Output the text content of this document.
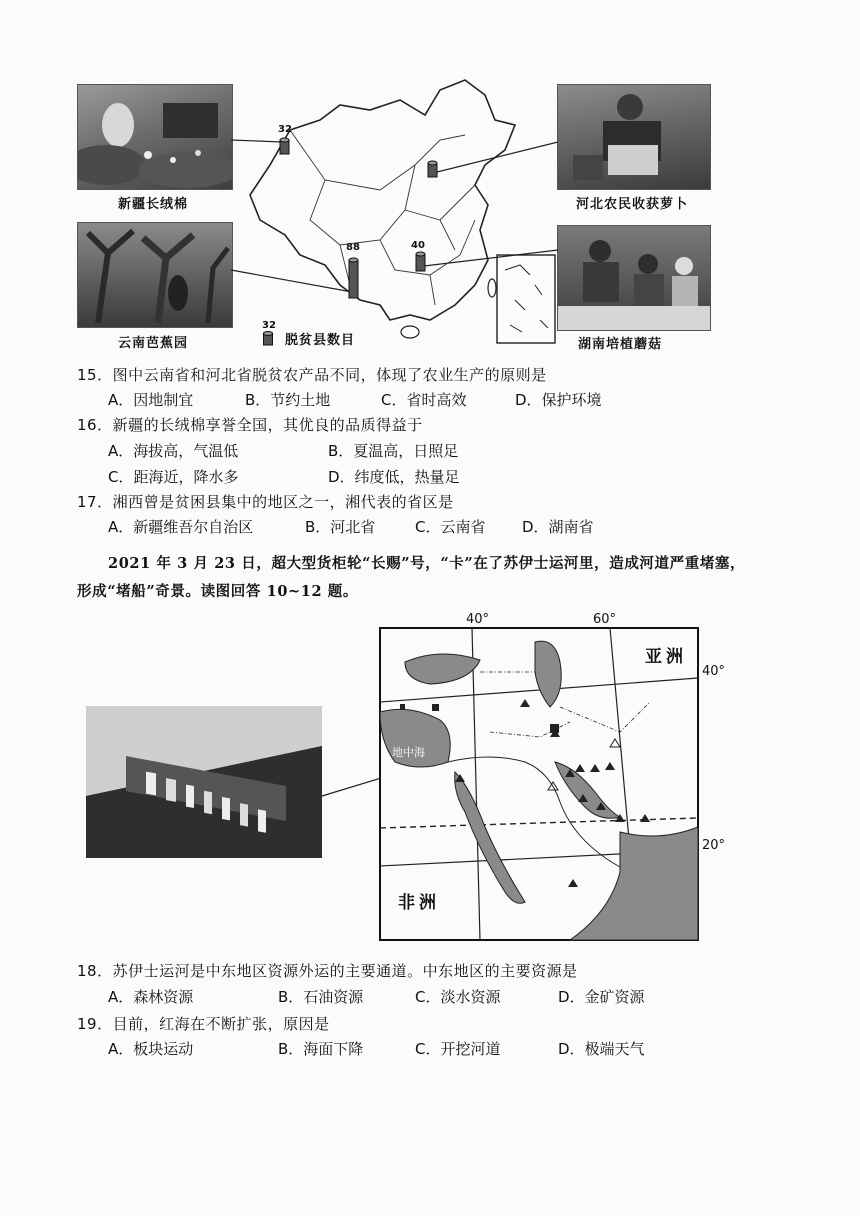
新疆长绒棉
云南芭蕉园
河北农民收获萝卜
湖南培植蘑菇
32
88	40
32
脱贫县数目
15．图中云南省和河北省脱贫农产品不同，体现了农业生产的原则是
A．因地制宜	B．节约土地	C．省时高效	D．保护环境
16．新疆的长绒棉享誉全国，其优良的品质得益于
A．海拔高，气温低	B．夏温高，日照足
C．距海近，降水多	D．纬度低，热量足
17．湘西曾是贫困县集中的地区之一，湘代表的省区是
A．新疆维吾尔自治区	B．河北省	C．云南省 D．湖南省
2021 年 3 月 23 日，超大型货柜轮“长赐”号，“卡”在了苏伊士运河里，造成河道严重堵塞，
形成“堵船”奇景。读图回答 10~12 题。
40°	60°
40°
20°
亚洲
非洲
地中海
18．苏伊士运河是中东地区资源外运的主要通道。中东地区的主要资源是
A．森林资源	B．石油资源	C．淡水资源	D．金矿资源
19．目前，红海在不断扩张，原因是
A．板块运动	B．海面下降	C．开挖河道	D．极端天气
